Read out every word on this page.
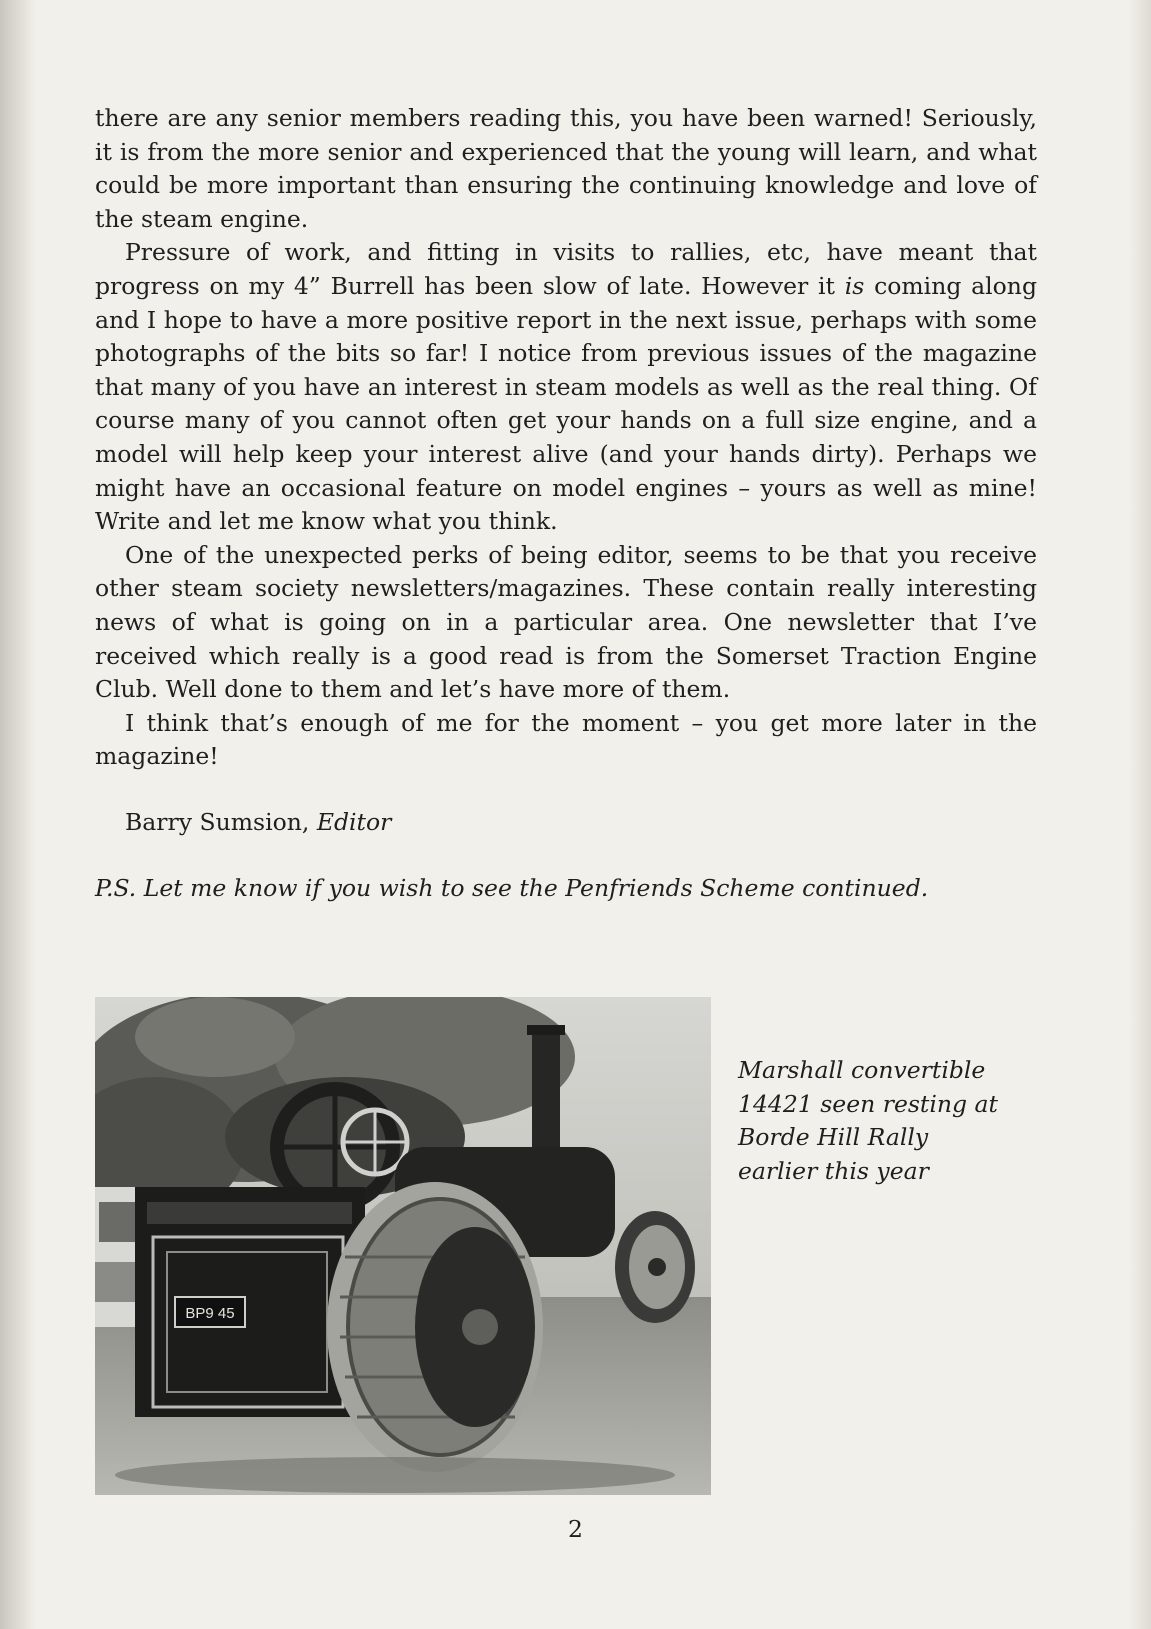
there are any senior members reading this, you have been warned! Seriously, it is from the more senior and experienced that the young will learn, and what could be more important than ensuring the continuing knowledge and love of the steam engine.

Pressure of work, and fitting in visits to rallies, etc, have meant that progress on my 4” Burrell has been slow of late. However it is coming along and I hope to have a more positive report in the next issue, perhaps with some photographs of the bits so far! I notice from previous issues of the magazine that many of you have an interest in steam models as well as the real thing. Of course many of you cannot often get your hands on a full size engine, and a model will help keep your interest alive (and your hands dirty). Perhaps we might have an occasional feature on model engines – yours as well as mine! Write and let me know what you think.

One of the unexpected perks of being editor, seems to be that you receive other steam society newsletters/magazines. These contain really interesting news of what is going on in a particular area. One newsletter that I’ve received which really is a good read is from the Somerset Traction Engine Club. Well done to them and let’s have more of them.

I think that’s enough of me for the moment – you get more later in the magazine!

Barry Sumsion, Editor
P.S. Let me know if you wish to see the Penfriends Scheme continued.
BP9 45
Marshall convertible
14421 seen resting at
Borde Hill Rally
earlier this year
2
